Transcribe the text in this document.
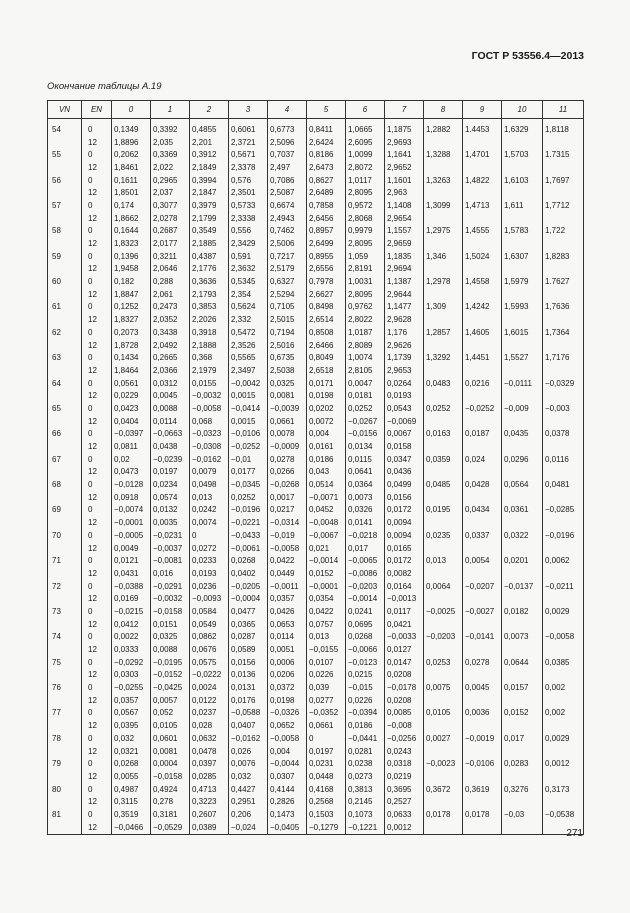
ГОСТ Р 53556.4—2013
Окончание таблицы А.19
VN	EN	0	1	2	3	4	5	6	7	8	9	10	11
54	0	0,1349	0,3392	0,4855	0,6061	0,6773	0,8411	1,0665	1,1875	1,2882	1.4453	1,6329	1,8118
	12	1,8896	2,035	2,201	2,3721	2,5096	2,6424	2,6095	2,9693				
55	0	0,2062	0,3369	0,3912	0,5671	0,7037	0,8186	1,0099	1,1641	1,3288	1,4701	1,5703	1.7315
	12	1,8461	2,022	2,1849	2,3378	2,497	2,6473	2,8072	2,9652				
56	0	0,1611	0,2965	0,3994	0,576	0,7086	0,8627	1,0117	1,1601	1,3263	1,4822	1,6103	1,7697
	12	1,8501	2,037	2,1847	2,3501	2,5087	2,6489	2,8095	2,963				
57	0	0,174	0,3077	0,3979	0,5733	0,6674	0,7858	0,9572	1,1408	1,3099	1,4713	1,611	1,7712
	12	1,8662	2,0278	2,1799	2,3338	2,4943	2,6456	2,8068	2,9654				
58	0	0,1644	0,2687	0,3549	0,556	0,7462	0,8957	0,9979	1,1557	1,2975	1,4555	1,5783	1,722
	12	1,8323	2,0177	2,1885	2,3429	2,5006	2,6499	2,8095	2,9659				
59	0	0,1396	0,3211	0,4387	0,591	0,7217	0,8955	1,059	1,1835	1,346	1,5024	1,6307	1,8283
	12	1,9458	2,0646	2,1776	2,3632	2,5179	2,6556	2,8191	2,9694				
60	0	0,182	0,288	0,3636	0,5345	0,6327	0,7978	1,0031	1,1387	1,2978	1,4558	1,5979	1.7627
	12	1,8847	2,061	2,1793	2,354	2,5294	2,6627	2,8095	2,9644				
61	0	0,1252	0,2473	0,3853	0,5624	0,7105	0,8498	0,9762	1,1477	1,309	1,4242	1,5993	1,7636
	12	1,8327	2,0352	2,2026	2,332	2,5015	2,6514	2,8022	2,9628				
62	0	0,2073	0,3438	0,3918	0,5472	0,7194	0,8508	1,0187	1,176	1,2857	1,4605	1,6015	1,7364
	12	1,8728	2,0492	2,1888	2,3526	2,5016	2,6466	2,8089	2,9626				
63	0	0,1434	0,2665	0,368	0,5565	0,6735	0,8049	1,0074	1,1739	1,3292	1,4451	1,5527	1,7176
	12	1,8464	2,0366	2,1979	2,3497	2,5038	2,6518	2,8105	2,9653				
64	0	0,0561	0,0312	0,0155	−0,0042	0,0325	0,0171	0,0047	0,0264	0,0483	0,0216	−0,0111	−0,0329
	12	0,0229	0,0045	−0,0032	0,0015	0,0081	0,0198	0,0181	0,0193				
65	0	0,0423	0,0088	−0,0058	−0,0414	−0,0039	0,0202	0,0252	0,0543	0,0252	−0,0252	−0,009	−0,003
	12	0,0404	0,0114	0,068	0,0015	0,0661	0,0072	−0,0267	−0,0069				
66	0	−0,0397	−0,0663	−0,0323	−0,0106	0,0078	0,004	−0,0156	0,0067	0,0163	0,0187	0,0435	0,0378
	12	0,0811	0,0438	−0,0308	−0,0252	−0,0009	0,0161	0,0134	0,0158				
67	0	0,02	−0,0239	−0,0162	−0,01	0,0278	0,0186	0,0115	0,0347	0,0359	0,024	0,0296	0,0116
	12	0,0473	0,0197	0,0079	0,0177	0,0266	0,043	0,0641	0,0436				
68	0	−0,0128	0,0234	0,0498	−0,0345	−0,0268	0,0514	0,0364	0,0499	0,0485	0,0428	0,0564	0,0481
	12	0,0918	0,0574	0,013	0,0252	0,0017	−0,0071	0,0073	0,0156				
69	0	−0,0074	0,0132	0,0242	−0,0196	0,0217	0,0452	0,0326	0,0172	0,0195	0,0434	0,0361	−0,0285
	12	−0,0001	0,0035	0,0074	−0,0221	−0,0314	−0,0048	0,0141	0,0094				
70	0	−0,0005	−0,0231	0	−0,0433	−0,019	−0,0067	−0,0218	0,0094	0,0235	0,0337	0,0322	−0,0196
	12	0,0049	−0,0037	0,0272	−0,0061	−0,0058	0,021	0,017	0,0165				
71	0	0,0121	−0,0081	0,0233	0,0268	0,0422	−0,0014	−0,0065	0,0172	0,013	0,0054	0,0201	0,0062
	12	0,0431	0,016	0,0193	0,0402	0,0449	0,0152	−0,0086	0,0082				
72	0	−0,0388	−0,0291	0,0236	−0,0205	−0,0011	−0,0001	−0,0203	0,0164	0,0064	−0,0207	−0,0137	−0,0211
	12	0,0169	−0,0032	−0,0093	−0,0004	0,0357	0,0354	−0,0014	−0,0013				
73	0	−0,0215	−0,0158	0,0584	0,0477	0,0426	0,0422	0,0241	0,0117	−0,0025	−0,0027	0,0182	0,0029
	12	0,0412	0,0151	0,0549	0,0365	0,0653	0,0757	0,0695	0,0421				
74	0	0,0022	0,0325	0,0862	0,0287	0,0114	0,013	0,0268	−0,0033	−0,0203	−0,0141	0,0073	−0,0058
	12	0,0333	0,0088	0,0676	0,0589	0,0051	−0,0155	−0,0066	0,0127				
75	0	−0,0292	−0,0195	0,0575	0,0156	0,0006	0,0107	−0,0123	0,0147	0,0253	0,0278	0,0644	0,0385
	12	0,0303	−0,0152	−0,0222	0,0136	0,0206	0,0226	0,0215	0,0208				
76	0	−0,0255	−0,0425	0,0024	0,0131	0,0372	0,039	−0,015	−0,0178	0,0075	0,0045	0,0157	0,002
	12	0,0357	0,0057	0,0122	0,0176	0,0198	0,0277	0,0226	0,0208				
77	0	0,0567	0,052	0,0237	−0,0588	−0,0326	−0,0352	−0,0394	0,0085	0,0105	0,0036	0,0152	0,002
	12	0,0395	0,0105	0,028	0,0407	0,0652	0,0661	0,0186	−0,008				
78	0	0,032	0,0601	0,0632	−0,0162	−0,0058	0	−0,0441	−0,0256	0,0027	−0,0019	0,017	0,0029
	12	0,0321	0,0081	0,0478	0,026	0,004	0,0197	0,0281	0,0243				
79	0	0,0268	0,0004	0,0397	0,0076	−0,0044	0,0231	0,0238	0,0318	−0,0023	−0,0106	0,0283	0,0012
	12	0,0055	−0,0158	0,0285	0,032	0,0307	0,0448	0,0273	0,0219				
80	0	0,4987	0,4924	0,4713	0,4427	0,4144	0,4168	0,3813	0,3695	0,3672	0,3619	0,3276	0,3173
	12	0,3115	0,278	0,3223	0,2951	0,2826	0,2568	0,2145	0,2527				
81	0	0,3519	0,3181	0,2607	0,206	0,1473	0,1503	0,1073	0,0633	0,0178	0,0178	−0,03	−0,0538
	12	−0,0466	−0,0529	0,0389	−0,024	−0,0405	−0,1279	−0,1221	0,0012				
271
